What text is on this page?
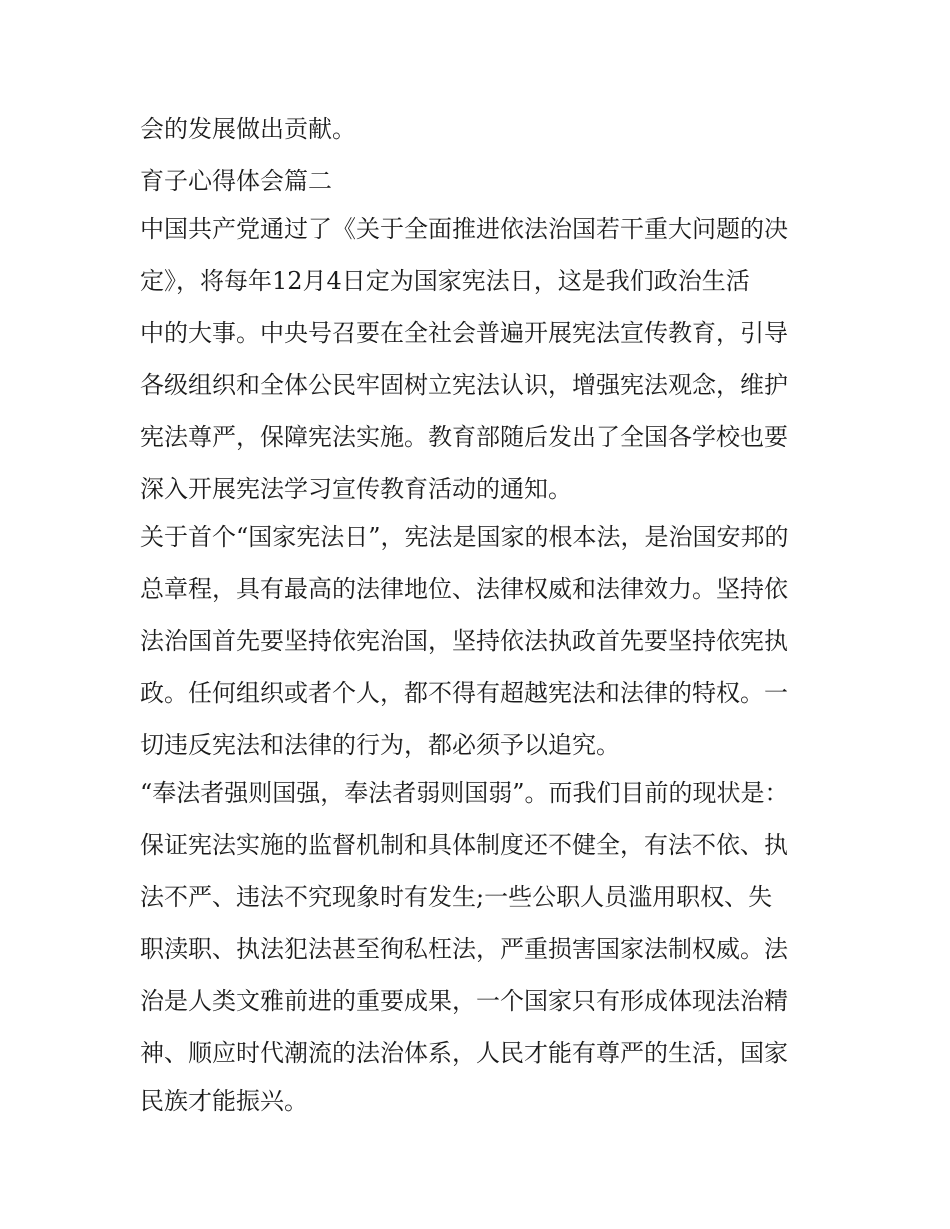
会的发展做出贡献。
育子心得体会篇二
中国共产党通过了《关于全面推进依法治国若干重大问题的决
定》，将每年12月4日定为国家宪法日，这是我们政治生活
中的大事。中央号召要在全社会普遍开展宪法宣传教育，引导
各级组织和全体公民牢固树立宪法认识，增强宪法观念，维护
宪法尊严，保障宪法实施。教育部随后发出了全国各学校也要
深入开展宪法学习宣传教育活动的通知。
关于首个“国家宪法日”，宪法是国家的根本法，是治国安邦的
总章程，具有最高的法律地位、法律权威和法律效力。坚持依
法治国首先要坚持依宪治国，坚持依法执政首先要坚持依宪执
政。任何组织或者个人，都不得有超越宪法和法律的特权。一
切违反宪法和法律的行为，都必须予以追究。
“奉法者强则国强，奉法者弱则国弱”。而我们目前的现状是：
保证宪法实施的监督机制和具体制度还不健全，有法不依、执
法不严、违法不究现象时有发生;一些公职人员滥用职权、失
职渎职、执法犯法甚至徇私枉法，严重损害国家法制权威。法
治是人类文雅前进的重要成果，一个国家只有形成体现法治精
神、顺应时代潮流的法治体系，人民才能有尊严的生活，国家
民族才能振兴。
